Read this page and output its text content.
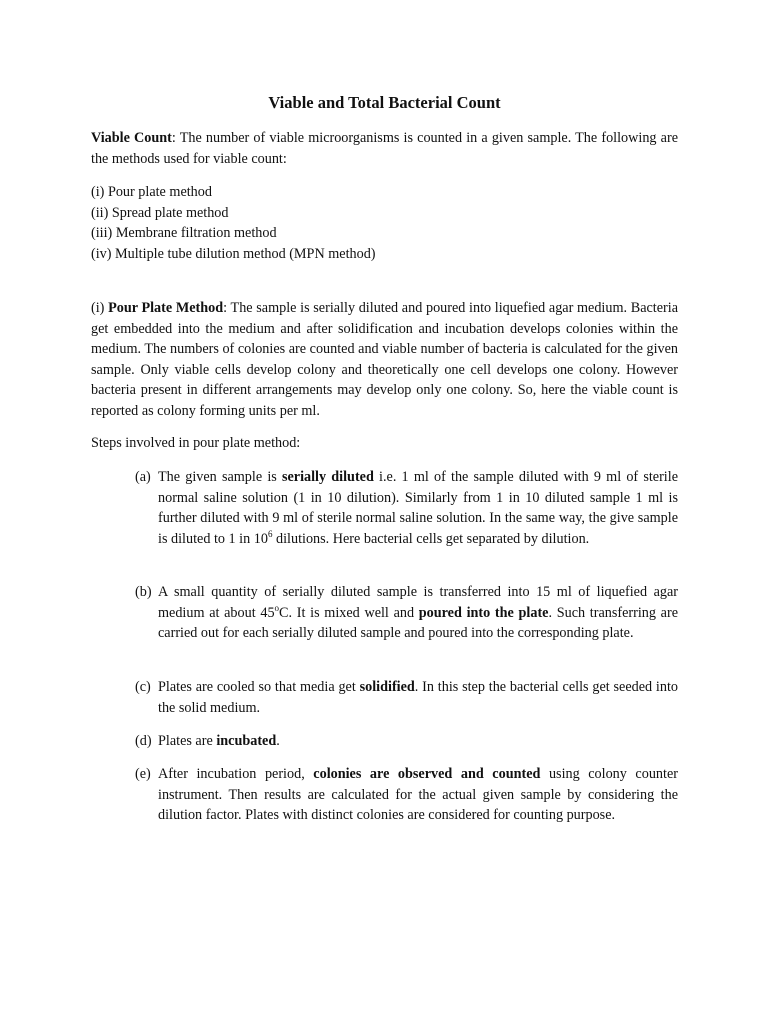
Viable and Total Bacterial Count

Viable Count: The number of viable microorganisms is counted in a given sample. The following are the methods used for viable count:

(i) Pour plate method
(ii) Spread plate method
(iii) Membrane filtration method
(iv) Multiple tube dilution method (MPN method)

(i) Pour Plate Method: The sample is serially diluted and poured into liquefied agar medium. Bacteria get embedded into the medium and after solidification and incubation develops colonies within the medium. The numbers of colonies are counted and viable number of bacteria is calculated for the given sample. Only viable cells develop colony and theoretically one cell develops one colony. However bacteria present in different arrangements may develop only one colony. So, here the viable count is reported as colony forming units per ml.

Steps involved in pour plate method:

(a) The given sample is serially diluted i.e. 1 ml of the sample diluted with 9 ml of sterile normal saline solution (1 in 10 dilution). Similarly from 1 in 10 diluted sample 1 ml is further diluted with 9 ml of sterile normal saline solution. In the same way, the give sample is diluted to 1 in $10^6$ dilutions. Here bacterial cells get separated by dilution.
(b) A small quantity of serially diluted sample is transferred into 15 ml of liquefied agar medium at about 45$^o$C. It is mixed well and poured into the plate. Such transferring are carried out for each serially diluted sample and poured into the corresponding plate.
(c) Plates are cooled so that media get solidified. In this step the bacterial cells get seeded into the solid medium.
(d) Plates are incubated.
(e) After incubation period, colonies are observed and counted using colony counter instrument. Then results are calculated for the actual given sample by considering the dilution factor. Plates with distinct colonies are considered for counting purpose.
